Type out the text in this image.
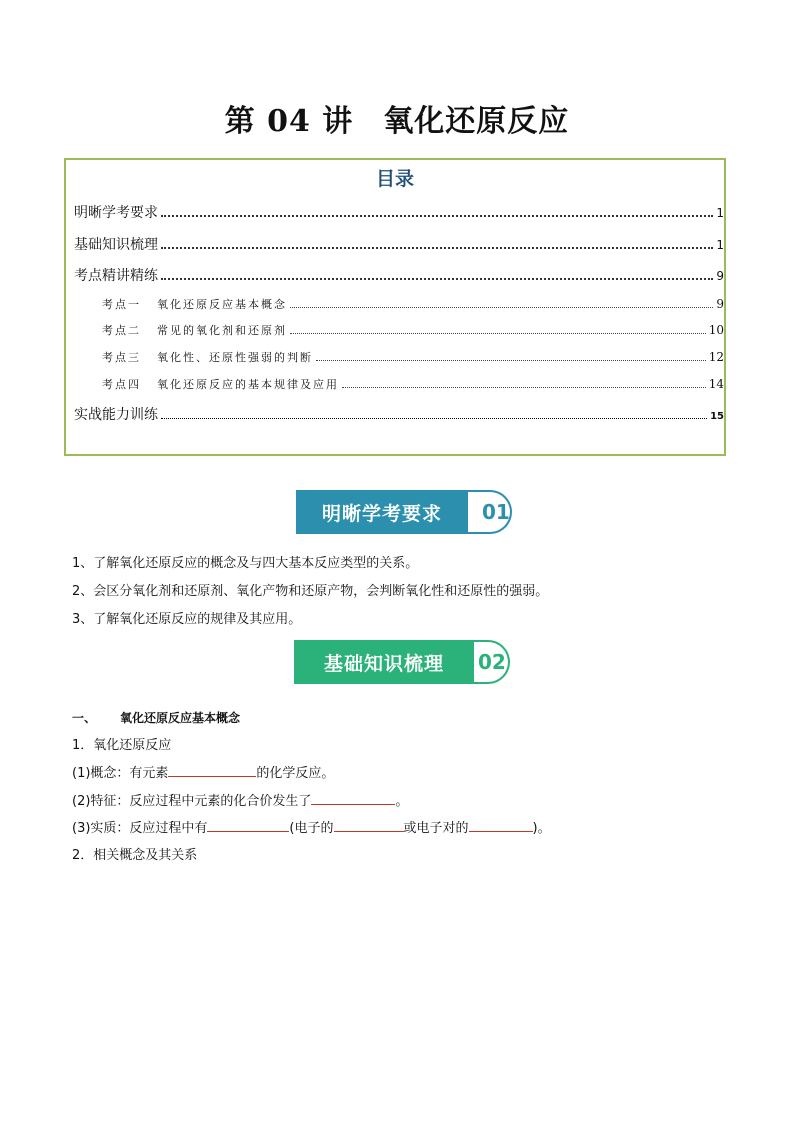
第 04 讲 氧化还原反应
目录
明晰学考要求	1
基础知识梳理	1
考点精讲精练	9
考点一 氧化还原反应基本概念	9
考点二 常见的氧化剂和还原剂	10
考点三 氧化性、还原性强弱的判断	12
考点四 氧化还原反应的基本规律及应用	14
实战能力训练	15
明晰学考要求	01
1、了解氧化还原反应的概念及与四大基本反应类型的关系。
2、会区分氧化剂和还原剂、氧化产物和还原产物，会判断氧化性和还原性的强弱。
3、了解氧化还原反应的规律及其应用。
基础知识梳理	02
一、 氧化还原反应基本概念
1．氧化还原反应
(1)概念：有元素	的化学反应。
(2)特征：反应过程中元素的化合价发生了	。
(3)实质：反应过程中有	(电子的	或电子对的	)。
2．相关概念及其关系
